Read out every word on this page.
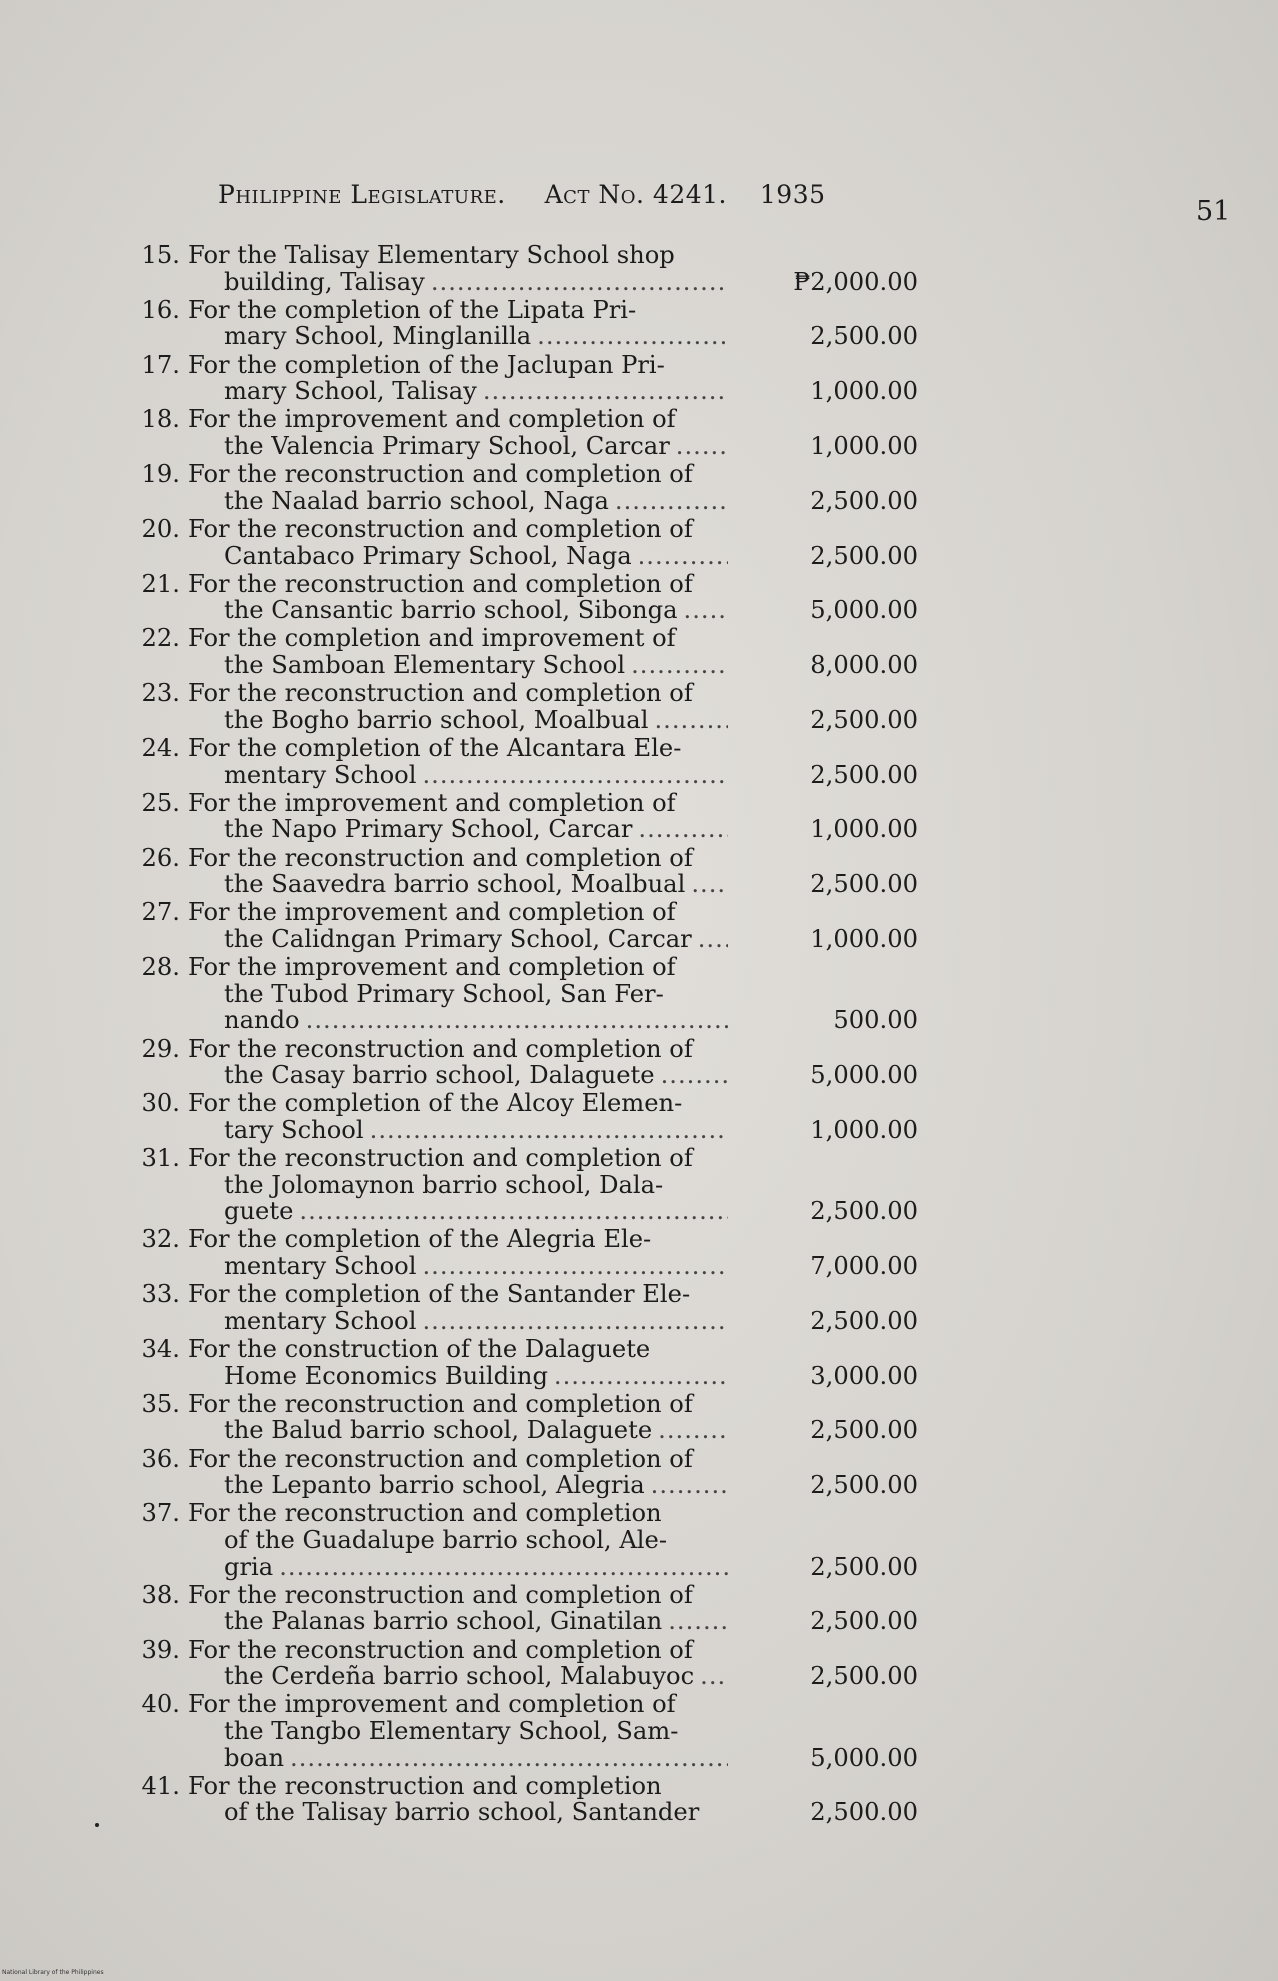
Philippine Legislature. Act No. 4241. 1935
51
15. For the Talisay Elementary School shop
building, Talisay .....	₱2,000.00
16. For the completion of the Lipata Pri-
mary School, Minglanilla .....	2,500.00
17. For the completion of the Jaclupan Pri-
mary School, Talisay .....	1,000.00
18. For the improvement and completion of
the Valencia Primary School, Carcar .....	1,000.00
19. For the reconstruction and completion of
the Naalad barrio school, Naga .....	2,500.00
20. For the reconstruction and completion of
Cantabaco Primary School, Naga .....	2,500.00
21. For the reconstruction and completion of
the Cansantic barrio school, Sibonga .....	5,000.00
22. For the completion and improvement of
the Samboan Elementary School .....	8,000.00
23. For the reconstruction and completion of
the Bogho barrio school, Moalbual .....	2,500.00
24. For the completion of the Alcantara Ele-
mentary School .....	2,500.00
25. For the improvement and completion of
the Napo Primary School, Carcar .....	1,000.00
26. For the reconstruction and completion of
the Saavedra barrio school, Moalbual .....	2,500.00
27. For the improvement and completion of
the Calidngan Primary School, Carcar .....	1,000.00
28. For the improvement and completion of
the Tubod Primary School, San Fer-
nando .....	500.00
29. For the reconstruction and completion of
the Casay barrio school, Dalaguete .....	5,000.00
30. For the completion of the Alcoy Elemen-
tary School .....	1,000.00
31. For the reconstruction and completion of
the Jolomaynon barrio school, Dala-
guete .....	2,500.00
32. For the completion of the Alegria Ele-
mentary School .....	7,000.00
33. For the completion of the Santander Ele-
mentary School .....	2,500.00
34. For the construction of the Dalaguete
Home Economics Building .....	3,000.00
35. For the reconstruction and completion of
the Balud barrio school, Dalaguete .....	2,500.00
36. For the reconstruction and completion of
the Lepanto barrio school, Alegria .....	2,500.00
37. For the reconstruction and completion
of the Guadalupe barrio school, Ale-
gria .....	2,500.00
38. For the reconstruction and completion of
the Palanas barrio school, Ginatilan .....	2,500.00
39. For the reconstruction and completion of
the Cerdeña barrio school, Malabuyoc .....	2,500.00
40. For the improvement and completion of
the Tangbo Elementary School, Sam-
boan .....	5,000.00
41. For the reconstruction and completion
of the Talisay barrio school, Santander	2,500.00
National Library of the Philippines
